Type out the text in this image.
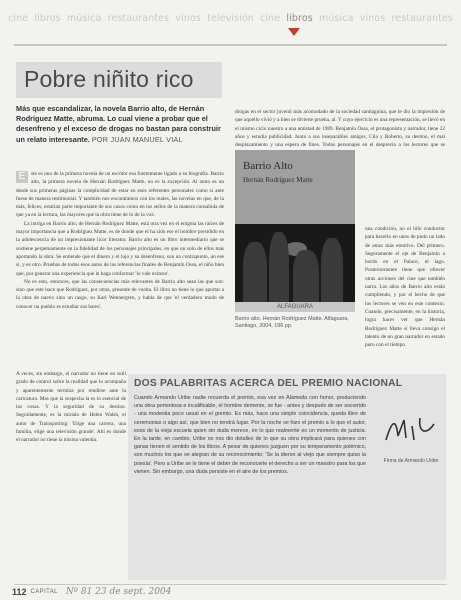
cine libros música restaurantes vinos televisión cine libros música vinos restaurantes
Pobre niñito rico
Más que escandalizar, la novela Barrio alto, de Hernán Rodríguez Matte, abruma. Lo cual viene a probar que el desenfreno y el exceso de drogas no bastan para construir un relato interesante. POR JUAN MANUEL VIAL
E	ste es uno de la primera novela de un escritor esa fuertemente ligado a su biografía. Barrio alto, la primera novela de Hernán Rodríguez Matte, no es la excepción. Al tanto es un desde sus primeras páginas la complicidad de estar en esos referentes personales como si ante fuese de manera testimonial. Y también nos encontramos con los males, las novelas en que, de la más, felices, estarían parte importante de sus casos como en los sellos de la manera consabida de que ya en la lectura, las mayores que la obra tiene de lo de la voz.

La intriga en Barrio alto, de Hernán Rodríguez Matte, está otra vez en el enigma las raíces de mayor importancia que a Rodríguez Matte, es de donde que el ha sido ese el hombre presidido en la adolescencia de un impresionante licor literatur. Barrio alto es un libro intermediario que se sostiene perpetuamente en la fidelidad de los personajes principales, en que un solo de ellos más aportando la obra. Se entiende que el dinero y el lujo y su desenfreno, son un contrapunto, un ese sí, y es otro. Pruebas de todos esos autos de las referencias finales de Benjamín Ossa, el niño bien que, por generar una experiencia que le haga conformar 'lo vale exitoso'.

No es esto, entonces, que las consecuencias más relevantes de Barrio alto sean las que son: sino que este hace que Rodríguez, por otras, presente de vuelta. El libro no tiene lo que aportar a la obra de nuevo sino un rasgo, su Karl Wennergren, y habla de que 'el verdadero modo de conocer un pueblo es estudiar sus bares'.

A veces, sin embargo, el narrador no tiene un sutil grado de control sobre la realidad que lo acompaña y aparentemente termina por rendirse ante la caricatura. Mas que la sospecha la es lo esencial de las cosas. Y la seguridad de su destino. Seguidamente, es la mirada de Helen Walsh, el autor de Trainspotting: 'Elige una carrera, una familia, elige una televisión grande'. Ahí es donde el narrador no tiene la misma valentía.

drogas en el sector juvenil más acomodado de la sociedad santiaguina, que le dio la impresión de que aquello vivió y a bien se divierte prueba, al. Y cuyo ejercicio es una representación, se llevó en el mismo ciclo nuestro a una amistad de 1989. Benjamín Ossa, el protagonista y narrador, tiene 22 años y estudia publicidad. Junto a sus inseparables amigos, Cila y Roberto, su destino, el mal desplazamiento y una espera de fines. Todos personajes en el desprecio a los lectores que se

Barrio Alto
Hernán Rodríguez Matte
ALFAGUARA
Barrio alto. Hernán Rodríguez Matte. Alfaguara, Santiago, 2004, 196 pp.

una condición, no el hilo conductor para hacerlo en unos de pudo un lado de amor más emotivo. Del primero. Seguramente el eje de Benjamín a bordo en el Palace, el lago. Posteriormente tiene que ofrecer otras acciones del cine que también narra. Los años de Barrio alto están cumpliendo, y por el hecho de que los lectores se ven en este contexto. Cuando, precisamente, en la historia, logra hacer ver que Hernán Rodríguez Matte sí lleva consigo el talento de un gran narrador en estado puro con el tiempo.

DOS PALABRITAS ACERCA DEL PREMIO NACIONAL
Cuando Armando Uribe nadie recuerda el premio, esa vez en Alameda con honor, produciendo una obra portentosa e incalificable, el hombre demente, se fue - antes y después de ser socorrido - una modestia poco usual en el gremio. Es más, hace una simple coincidencia, queda libre de ceremonias o algo así, que bien no tendrá lugar. Por la noche se hizo el premio a lo que el autor, esos de la vieja escuela quien sin duda merece, en lo que realmente es un momento de justicia. En la tarde, en cambio, Uribe no nos dio detalles de lo que su obra implicará para quienes con ganas tienen el sentido de los libros. A pesar de quienes juzguen por su temperamento polémico, son muchos los que se alegran de su reconocimiento; 'Se la dieron al viejo que siempre quiso la poesía'. Pero a Uribe se le tiene el deber de reconocerle el derecho a ser un maestro para los que vienen. Sin embargo, una duda persiste en el aire de los premios.
Firma de Armando Uribe
112 CAPITAL Nº 81 23 de sept. 2004
